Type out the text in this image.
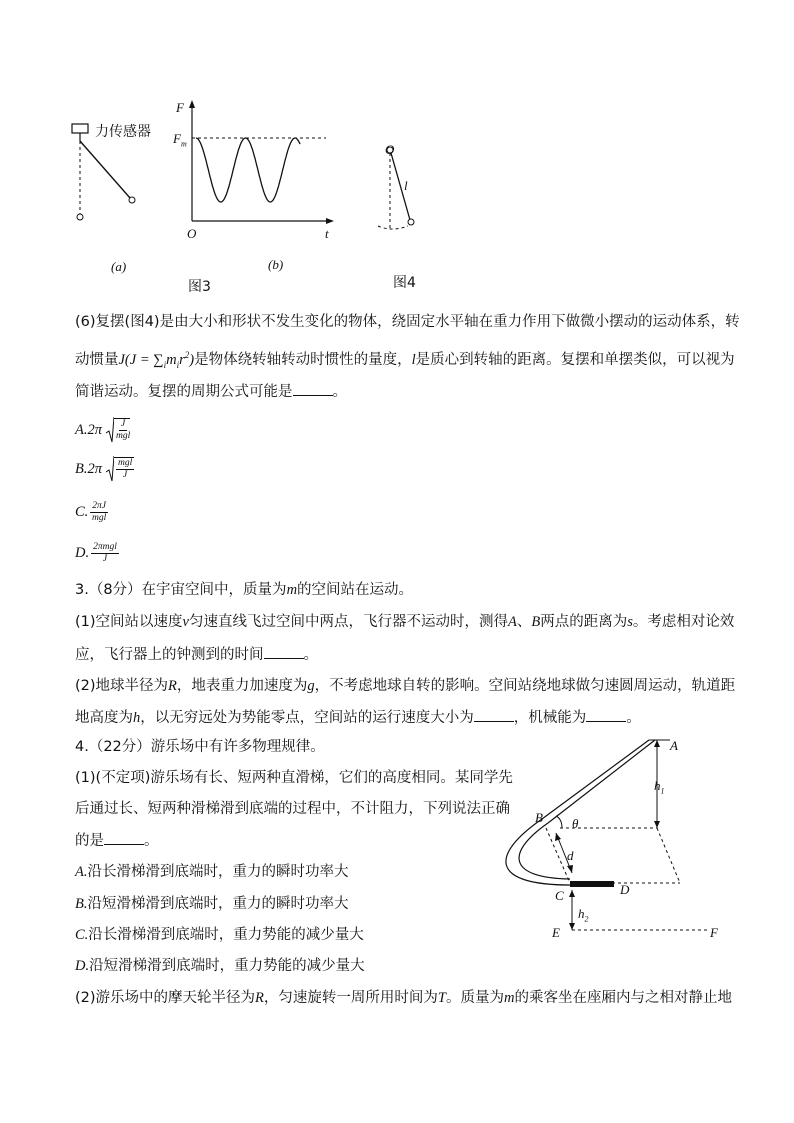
力传感器
(a)
F
$F_m$
O	t
(b)
图3
O
l
图4
(6)复摆(图4)是由大小和形状不发生变化的物体，绕固定水平轴在重力作用下做微小摆动的运动体系，转
动惯量$J(J = \sum_im_ir^2)$是物体绕转轴转动时惯性的量度，l是质心到转轴的距离。复摆和单摆类似，可以视为
简谐运动。复摆的周期公式可能是	。
A. $2\pi \frac{J}{\text{mgl}}$
B. $2\pi \frac{\text{mgl}}{J}$
C. $\frac{2\pi J}{\text{mgl}}$
D. $\frac{\text{2πmgl}}{J}$
3.（8分）在宇宙空间中，质量为m的空间站在运动。
(1)空间站以速度v匀速直线飞过空间中两点，飞行器不运动时，测得A、B两点的距离为s。考虑相对论效
应，飞行器上的钟测到的时间	。
(2)地球半径为R，地表重力加速度为g，不考虑地球自转的影响。空间站绕地球做匀速圆周运动，轨道距
地高度为h，以无穷远处为势能零点，空间站的运行速度大小为	，机械能为	。
4.（22分）游乐场中有许多物理规律。
(1)(不定项)游乐场有长、短两种直滑梯，它们的高度相同。某同学先
后通过长、短两种滑梯滑到底端的过程中，不计阻力，下列说法正确
的是	。
A.沿长滑梯滑到底端时，重力的瞬时功率大
B.沿短滑梯滑到底端时，重力的瞬时功率大
C.沿长滑梯滑到底端时，重力势能的减少量大
D.沿短滑梯滑到底端时，重力势能的减少量大
(2)游乐场中的摩天轮半径为R，匀速旋转一周所用时间为T。质量为m的乘客坐在座厢内与之相对静止地
A
$h_1$
B θ
d
C	D
$h_2$
E	F
